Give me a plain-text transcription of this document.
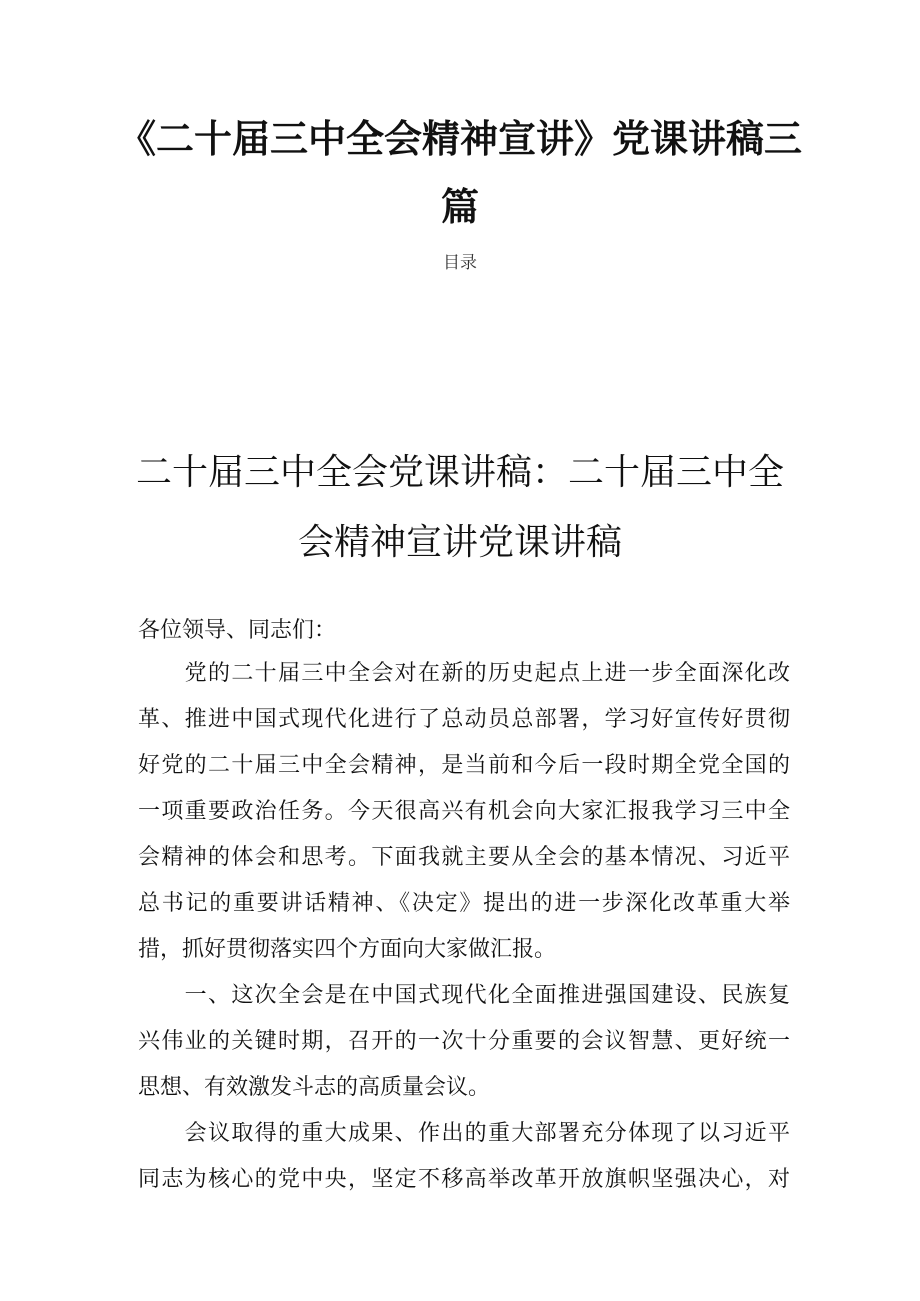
《二十届三中全会精神宣讲》党课讲稿三
篇
目录
二十届三中全会党课讲稿：二十届三中全
会精神宣讲党课讲稿
各位领导、同志们：
　　党的二十届三中全会对在新的历史起点上进一步全面深化改
革、推进中国式现代化进行了总动员总部署，学习好宣传好贯彻
好党的二十届三中全会精神，是当前和今后一段时期全党全国的
一项重要政治任务。今天很高兴有机会向大家汇报我学习三中全
会精神的体会和思考。下面我就主要从全会的基本情况、习近平
总书记的重要讲话精神、《决定》提出的进一步深化改革重大举
措，抓好贯彻落实四个方面向大家做汇报。
　　一、这次全会是在中国式现代化全面推进强国建设、民族复
兴伟业的关键时期，召开的一次十分重要的会议智慧、更好统一
思想、有效激发斗志的高质量会议。
　　会议取得的重大成果、作出的重大部署充分体现了以习近平
同志为核心的党中央，坚定不移高举改革开放旗帜坚强决心，对
